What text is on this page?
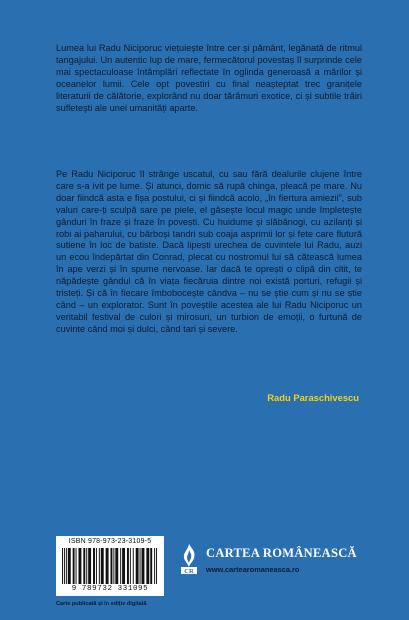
Lumea lui Radu Niciporuc viețuiește între cer și pământ, legănată de ritmul tangajului. Un autentic lup de mare, fermecătorul povestaș îl surprinde cele mai spectaculoase întâmplări reflectate în oglinda generoasă a mărilor și oceanelor lumii. Cele opt povestiri cu final neașteptat trec granițele literaturii de călătorie, explorând nu doar tărâmuri exotice, ci și subtile trăiri sufletești ale unei umanități aparte.
Pe Radu Niciporuc îl strânge uscatul, cu sau fără dealurile clujene între care s-a ivit pe lume. Și atunci, domic să rupă chinga, pleacă pe mare. Nu doar fiindcă asta e fișa postului, ci și fiindcă acolo, „în fiertura amiezii”, sub valuri care-ți sculpă sare pe piele, el găsește locul magic unde împletește gânduri în fraze și fraze în povești. Cu huidume și slăbănogi, cu azilanți și robi ai paharului, cu bărboși tandri sub coaja asprimii lor și fete care flutură sutiene în loc de batiste. Dacă lipești urechea de cuvintele lui Radu, auzi un ecou îndepărtat din Conrad, plecat cu nostromul lui să cătească lumea în ape verzi și în spume nervoase. Iar dacă te oprești o clipă din citit, te năpădește gândul că în viața fiecăruia dintre noi există porturi, refugii și tristeți. Și că în fiecare îmbobocește cândva – nu se știe cum și nu se știe când – un explorator. Sunt în poveștile acestea ale lui Radu Niciporuc un veritabil festival de culori și mirosuri, un turbion de emoții, o furtună de cuvinte când moi și dulci, când tari și severe.
Radu Paraschivescu
ISBN 978-973-23-3109-5
9 789732 331095
Carte publicată și în ediție digitală
CR
CARTEA ROMÂNEASCĂ
www.cartearomaneasca.ro
